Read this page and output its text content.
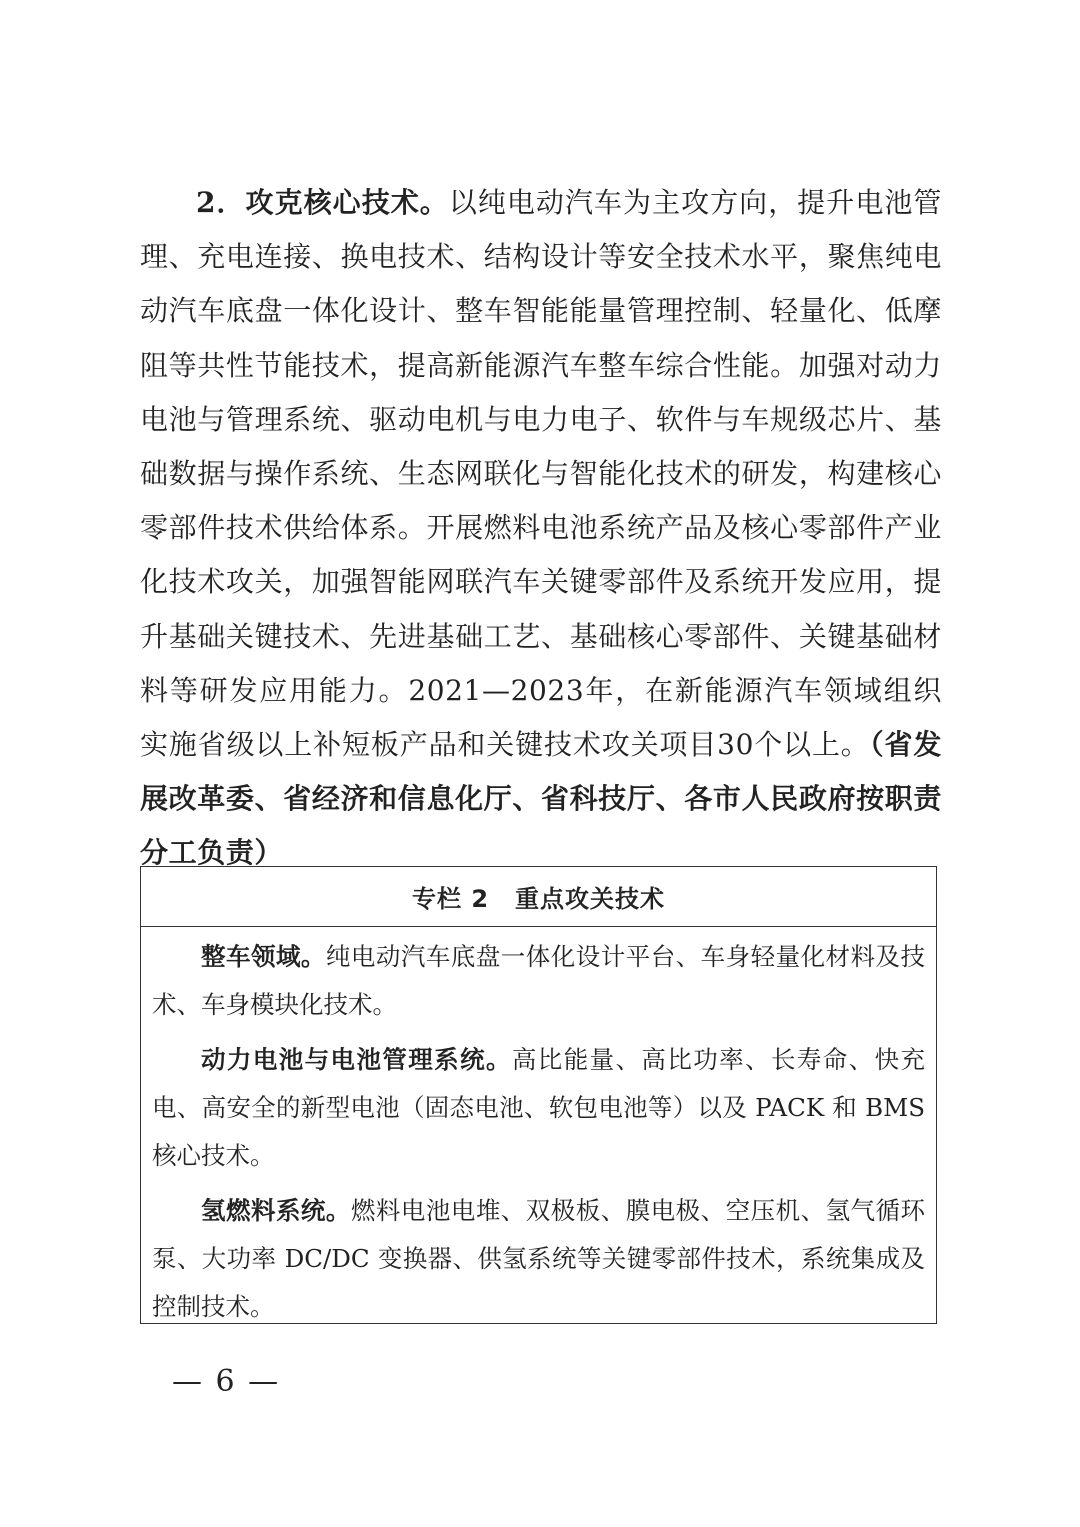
2．攻克核心技术。以纯电动汽车为主攻方向，提升电池管理、充电连接、换电技术、结构设计等安全技术水平，聚焦纯电动汽车底盘一体化设计、整车智能能量管理控制、轻量化、低摩阻等共性节能技术，提高新能源汽车整车综合性能。加强对动力电池与管理系统、驱动电机与电力电子、软件与车规级芯片、基础数据与操作系统、生态网联化与智能化技术的研发，构建核心零部件技术供给体系。开展燃料电池系统产品及核心零部件产业化技术攻关，加强智能网联汽车关键零部件及系统开发应用，提升基础关键技术、先进基础工艺、基础核心零部件、关键基础材料等研发应用能力。2021—2023年，在新能源汽车领域组织实施省级以上补短板产品和关键技术攻关项目30个以上。（省发展改革委、省经济和信息化厅、省科技厅、各市人民政府按职责分工负责）

专栏 2 重点攻关技术

整车领域。纯电动汽车底盘一体化设计平台、车身轻量化材料及技术、车身模块化技术。

动力电池与电池管理系统。高比能量、高比功率、长寿命、快充电、高安全的新型电池（固态电池、软包电池等）以及 PACK 和 BMS 核心技术。

氢燃料系统。燃料电池电堆、双极板、膜电极、空压机、氢气循环泵、大功率 DC/DC 变换器、供氢系统等关键零部件技术，系统集成及控制技术。

— 6 —
